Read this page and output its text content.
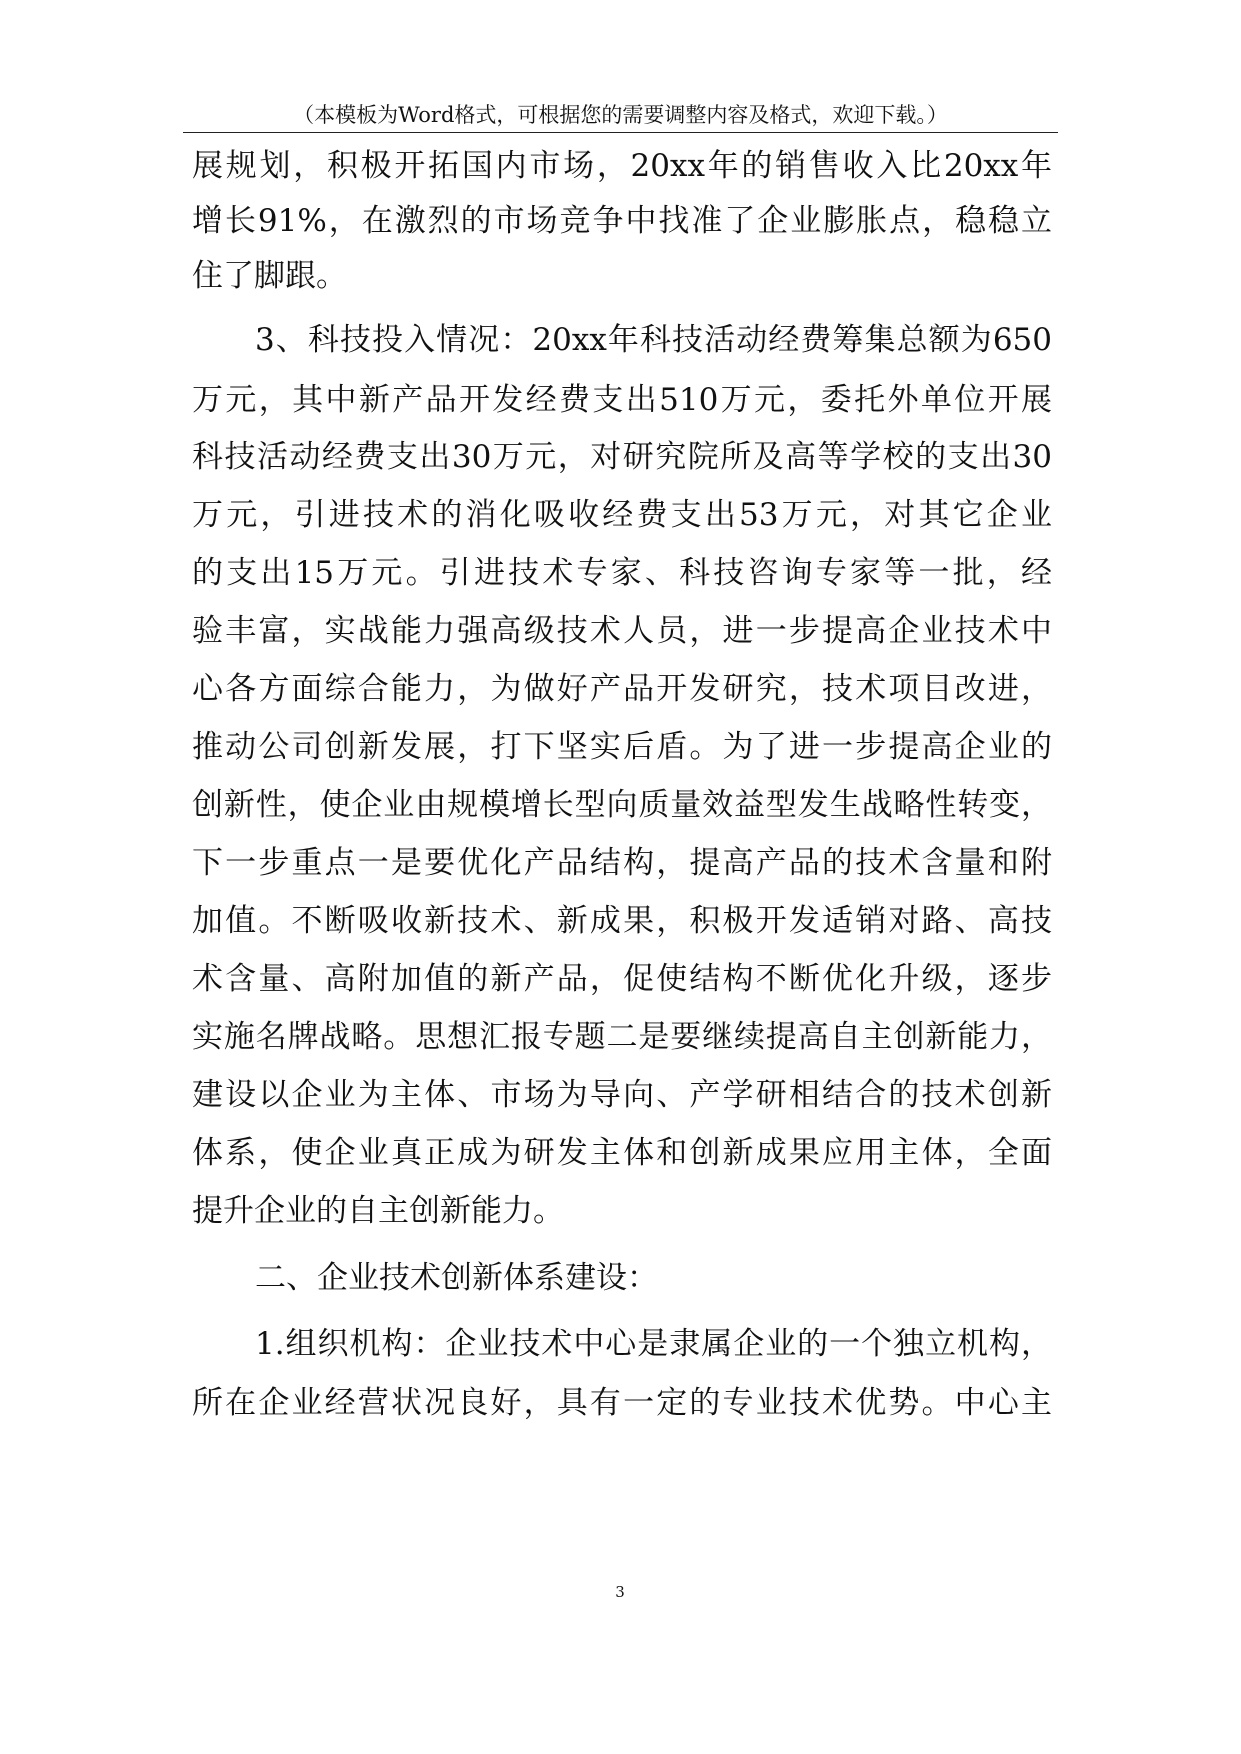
（本模板为Word格式，可根据您的需要调整内容及格式，欢迎下载。）
展规划，积极开拓国内市场，20xx年的销售收入比20xx年
增长91%，在激烈的市场竞争中找准了企业膨胀点，稳稳立
住了脚跟。
3、科技投入情况：20xx年科技活动经费筹集总额为650
万元，其中新产品开发经费支出510万元，委托外单位开展
科技活动经费支出30万元，对研究院所及高等学校的支出30
万元，引进技术的消化吸收经费支出53万元，对其它企业
的支出15万元。引进技术专家、科技咨询专家等一批，经
验丰富，实战能力强高级技术人员，进一步提高企业技术中
心各方面综合能力，为做好产品开发研究，技术项目改进，
推动公司创新发展，打下坚实后盾。为了进一步提高企业的
创新性，使企业由规模增长型向质量效益型发生战略性转变，
下一步重点一是要优化产品结构，提高产品的技术含量和附
加值。不断吸收新技术、新成果，积极开发适销对路、高技
术含量、高附加值的新产品，促使结构不断优化升级，逐步
实施名牌战略。思想汇报专题二是要继续提高自主创新能力，
建设以企业为主体、市场为导向、产学研相结合的技术创新
体系，使企业真正成为研发主体和创新成果应用主体，全面
提升企业的自主创新能力。
二、企业技术创新体系建设：
1.组织机构：企业技术中心是隶属企业的一个独立机构，
所在企业经营状况良好，具有一定的专业技术优势。中心主
3
